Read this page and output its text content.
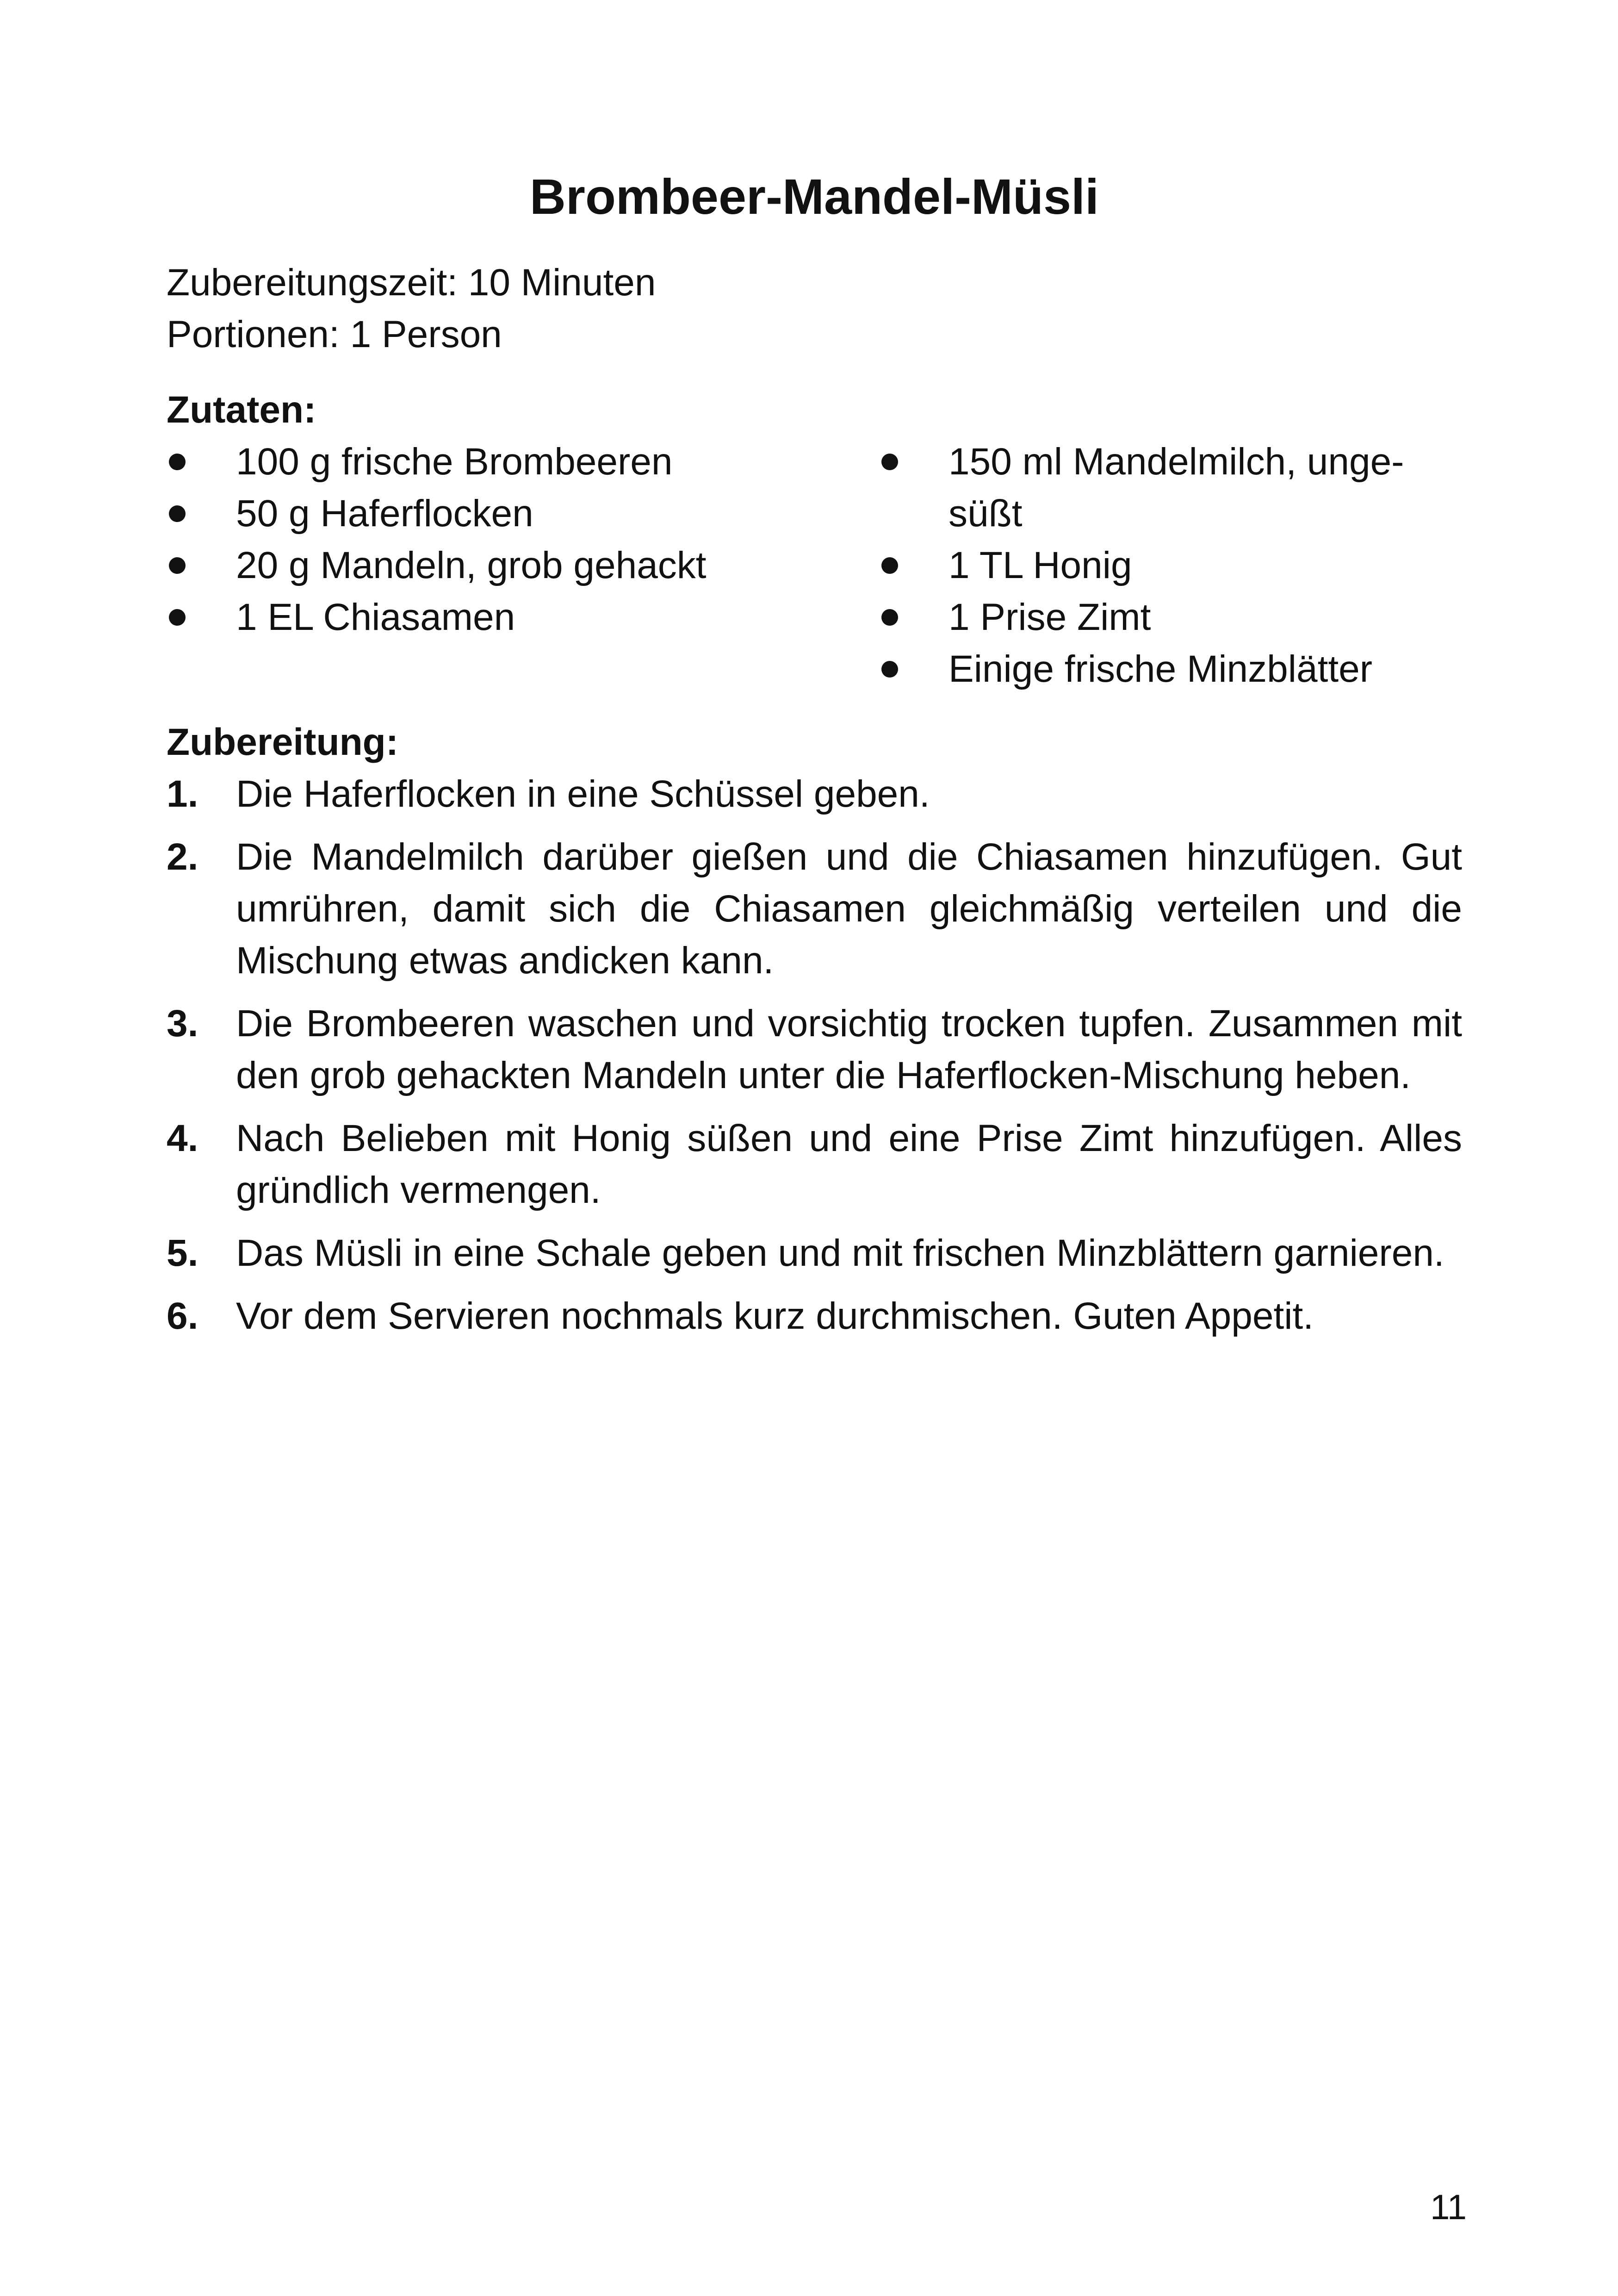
Brombeer-Mandel-Müsli
Zubereitungszeit: 10 Minuten
Portionen: 1 Person
Zutaten:
100 g frische Brombeeren
50 g Haferflocken
20 g Mandeln, grob gehackt
1 EL Chiasamen
150 ml Mandelmilch, unge-
süßt
1 TL Honig
1 Prise Zimt
Einige frische Minzblätter
Zubereitung:
1. Die Haferflocken in eine Schüssel geben.
2. Die Mandelmilch darüber gießen und die Chiasamen hinzufügen. Gut umrühren, damit sich die Chiasamen gleichmäßig verteilen und die Mischung etwas andicken kann.
3. Die Brombeeren waschen und vorsichtig trocken tupfen. Zusammen mit den grob gehackten Mandeln unter die Haferflocken-Mischung heben.
4. Nach Belieben mit Honig süßen und eine Prise Zimt hinzufügen. Alles gründlich vermengen.
5. Das Müsli in eine Schale geben und mit frischen Minzblättern garnieren.
6. Vor dem Servieren nochmals kurz durchmischen. Guten Appetit.
11
